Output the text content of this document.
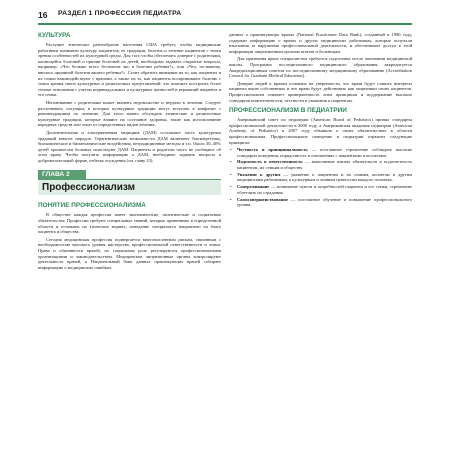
16 РАЗДЕЛ 1 ПРОФЕССИЯ ПЕДИАТРА
КУЛЬТУРА

Растущее этническое разнообразие населения США требует, чтобы медицинские работники понимали культуру пациентов, ее традиции, болезнь и лечение пациентов с точки зрения особенностей их культурной среды. Для того чтобы обеспечить доверие с родителями, касающейся болезней и причин болезней их детей, необходимо задавать открытые вопросы, например: «Что больше всего беспокоит вас в болезни ребенка?», или «Что, по-вашему, явилось причиной болезни вашего ребенка?». Стоит обратить внимание на то, как пациенты и их семьи взаимодействуют с врачами, а также на то, как пациенты воспринимают болезнь с точки зрения своих культурных и религиозных представлений: это поможет построить более тесные отношения с учетом индивидуальных и культурных ценностей и верований пациента и его семьи.

Непонимание с родителями может вызвать недовольство и неудачи в лечении. Следует распознавать ситуации, в которых культурные традиции могут вступать в конфликт с рекомендациями по лечению. Для этого важно обсуждать этнические и религиозные культурные традиции, которые влияют на состояние здоровья, такие как использование народных средств или отказ от определенных видов лечения.

Дополнительная и альтернативная медицина (ДАМ) составляет часть культурных традиций многих народов. Терапевтические возможности ДАМ включают биоэнергетику, биохимические и биомеханические воздействия, нетрадиционные методы и т.п. Около 30–40% детей хронически больных используют ДАМ. Пациенты и родители часто не сообщают об этом врачу. Чтобы получить информацию о ДАМ, необходимо задавать вопросы в доброжелательной форме, избегая осуждения (см. главу 23).

ГЛАВА 2
Профессионализм
ПОНЯТИЕ ПРОФЕССИОНАЛИЗМА

В обществе каждая профессия имеет экономические, политические и социальные обязательства. Профессии требуют специальных знаний, которые применимы в определенной области и основаны на этических нормах, поведение специалиста направлено на благо пациента и общества.

Сегодня медицинская профессия подвергается многочисленным рискам, связанным с необходимостью высокого уровня мастерства, профессиональной ответственности и этики. Права и обязанности врачей, их социальная роль регулируются профессиональными организациями и законодательством. Медицинские лицензионные органы контролируют деятельность врачей, а Национальный банк данных практикующих врачей собирает информацию о медицинских ошибках.

данных о практикующих врачах (National Practitioner Data Bank), созданный в 1986 году, содержит информацию о врачах и других медицинских работниках, которые получали взыскания за нарушения профессиональной деятельности, и обеспечивает доступ к этой информации лицензионным органам штатов и больницам.

Для признания врача специалистом требуется подготовка после окончания медицинской школы. Программа последипломного медицинского образования аккредитуется Аккредитационным советом по последипломному медицинскому образованию (Accreditation Council for Graduate Medical Education).

Доверие людей к врачам основано на уверенности, что врачи будут ставить интересы пациента выше собственных и что врачи будут действовать как защитники своих пациентов. Профессионализм означает приверженность этим принципам и поддержание высоких стандартов компетентности, честности и уважения к пациентам.

ПРОФЕССИОНАЛИЗМ В ПЕДИАТРИИ

Американский совет по педиатрии (American Board of Pediatrics) принял стандарты профессиональной деятельности в 2000 году, а Американская академия педиатрии (American Academy of Pediatrics) в 2007 году объявила о своих обязательствах в области профессионализма. Профессиональное поведение в педиатрии отражает следующие принципы:

• Честность и принципиальность — постоянное стремление соблюдать высокие стандарты поведения, порядочность в отношениях с пациентами и коллегами.
• Надежность и ответственность — выполнение взятых обязательств и подотчетность пациентам, их семьям и обществу.
• Уважение к другим — уважение к пациентам и их семьям, коллегам и другим медицинским работникам, к культурным и личным ценностям каждого человека.
• Сопереживание — понимание чувств и потребностей пациента и его семьи, стремление облегчить их страдания.
• Самосовершенствование — постоянное обучение и повышение профессионального уровня.
